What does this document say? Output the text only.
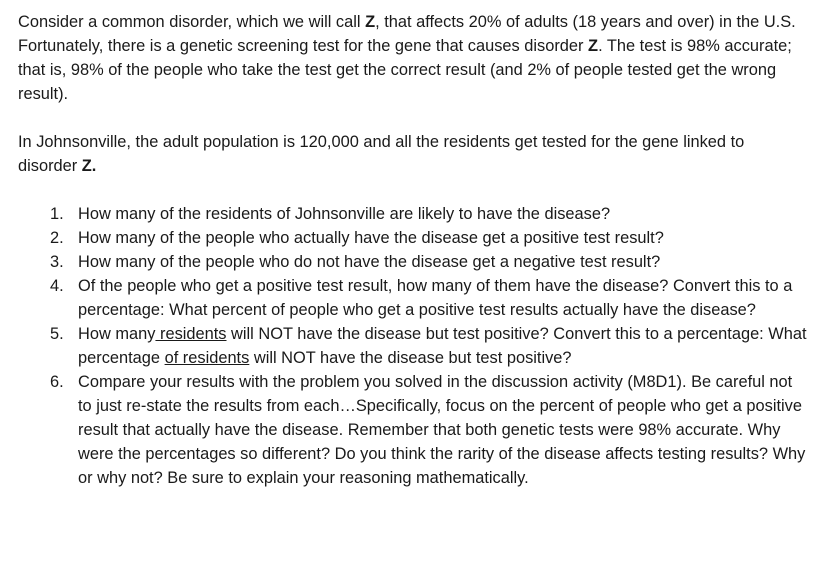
Consider a common disorder, which we will call Z, that affects 20% of adults (18 years and over) in the U.S. Fortunately, there is a genetic screening test for the gene that causes disorder Z. The test is 98% accurate; that is, 98% of the people who take the test get the correct result (and 2% of people tested get the wrong result).

In Johnsonville, the adult population is 120,000 and all the residents get tested for the gene linked to disorder Z.

1. How many of the residents of Johnsonville are likely to have the disease?
2. How many of the people who actually have the disease get a positive test result?
3. How many of the people who do not have the disease get a negative test result?
4. Of the people who get a positive test result, how many of them have the disease? Convert this to a percentage: What percent of people who get a positive test results actually have the disease?
5. How many residents will NOT have the disease but test positive? Convert this to a percentage: What percentage of residents will NOT have the disease but test positive?
6. Compare your results with the problem you solved in the discussion activity (M8D1). Be careful not to just re-state the results from each…Specifically, focus on the percent of people who get a positive result that actually have the disease. Remember that both genetic tests were 98% accurate. Why were the percentages so different? Do you think the rarity of the disease affects testing results? Why or why not? Be sure to explain your reasoning mathematically.
